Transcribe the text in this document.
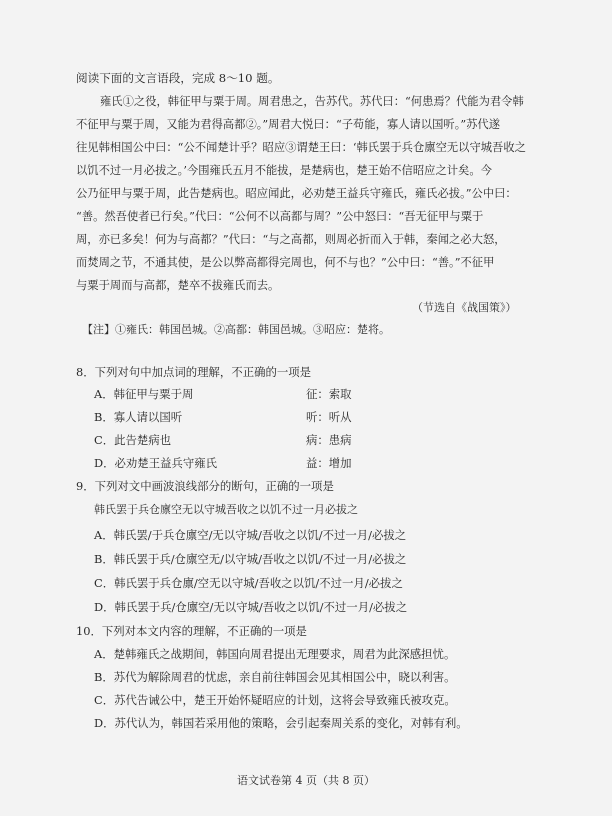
阅读下面的文言语段，完成 8～10 题。
雍氏①之役，韩征甲与粟于周。周君患之，告苏代。苏代曰：“何患焉？代能为君令韩
不征甲与粟于周，又能为君得高都②。”周君大悦曰：“子苟能，寡人请以国听。”苏代遂
往见韩相国公中曰：“公不闻楚计乎？昭应③谓楚王曰：‘韩氏罢于兵仓廪空无以守城吾收之
以饥不过一月必拔之。’今围雍氏五月不能拔，是楚病也，楚王始不信昭应之计矣。今
公乃征甲与粟于周，此告楚病也。昭应闻此，必劝楚王益兵守雍氏，雍氏必拔。”公中曰：
“善。然吾使者已行矣。”代曰：“公何不以高都与周？”公中怒曰：“吾无征甲与粟于
周，亦已多矣！何为与高都？”代曰：“与之高都，则周必折而入于韩，秦闻之必大怒，
而焚周之节，不通其使，是公以弊高都得完周也，何不与也？”公中曰：“善。”不征甲
与粟于周而与高都，楚卒不拔雍氏而去。
（节选自《战国策》）
【注】①雍氏：韩国邑城。②高都：韩国邑城。③昭应：楚将。
8．下列对句中加点词的理解，不正确的一项是
A．韩征甲与粟于周	征：索取
B．寡人请以国听	听：听从
C．此告楚病也	病：患病
D．必劝楚王益兵守雍氏	益：增加
9．下列对文中画波浪线部分的断句，正确的一项是
韩氏罢于兵仓廪空无以守城吾收之以饥不过一月必拔之
A．韩氏罢/于兵仓廪空/无以守城/吾收之以饥/不过一月/必拔之
B．韩氏罢于兵/仓廪空无/以守城/吾收之以饥/不过一月/必拔之
C．韩氏罢于兵仓廪/空无以守城/吾收之以饥/不过一月/必拔之
D．韩氏罢于兵/仓廪空/无以守城/吾收之以饥/不过一月/必拔之
10．下列对本文内容的理解，不正确的一项是
A．楚韩雍氏之战期间，韩国向周君提出无理要求，周君为此深感担忧。
B．苏代为解除周君的忧虑，亲自前往韩国会见其相国公中，晓以利害。
C．苏代告诫公中，楚王开始怀疑昭应的计划，这将会导致雍氏被攻克。
D．苏代认为，韩国若采用他的策略，会引起秦周关系的变化，对韩有利。
语文试卷第 4 页（共 8 页）
